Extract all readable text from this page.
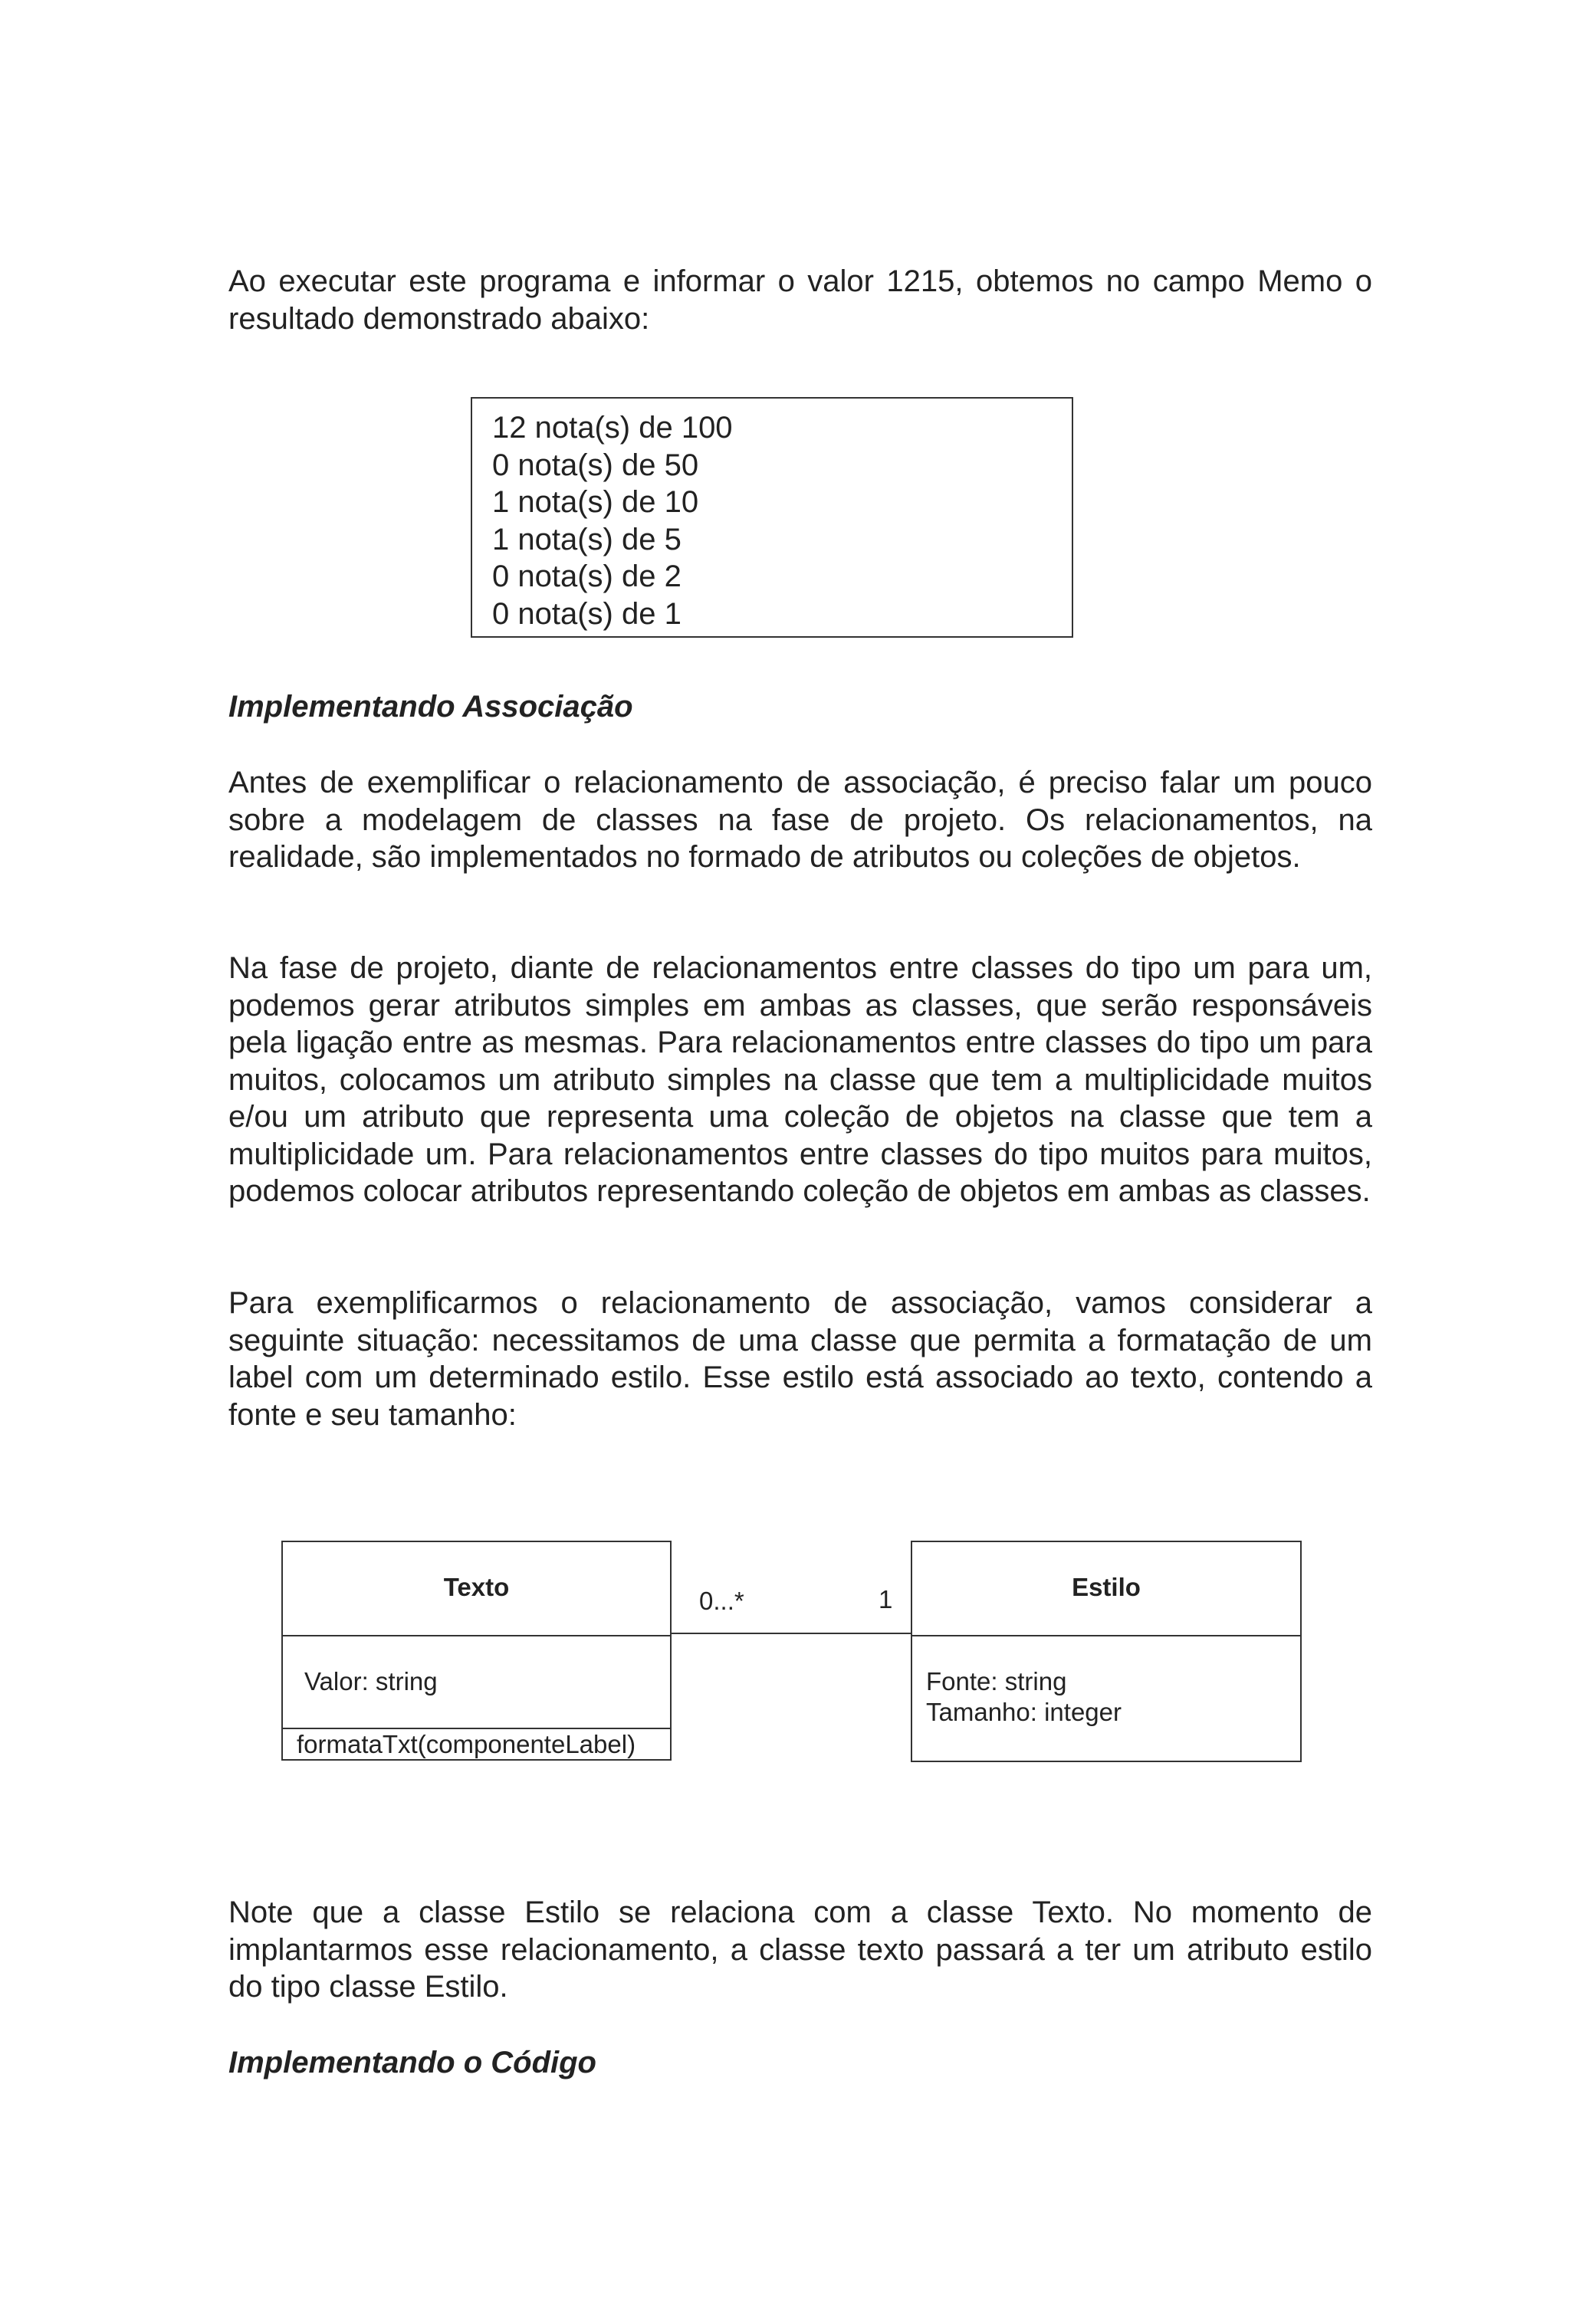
Ao executar este programa e informar o valor 1215, obtemos no campo Memo o resultado demonstrado abaixo:

12 nota(s) de 100
0 nota(s) de 50
1 nota(s) de 10
1 nota(s) de 5
0 nota(s) de 2
0 nota(s) de 1
Implementando Associação

Antes de exemplificar o relacionamento de associação, é preciso falar um pouco sobre a modelagem de classes na fase de projeto. Os relacionamentos, na realidade, são implementados no formado de atributos ou coleções de objetos.

Na fase de projeto, diante de relacionamentos entre classes do tipo um para um, podemos gerar atributos simples em ambas as classes, que serão responsáveis pela ligação entre as mesmas. Para relacionamentos entre classes do tipo um para muitos, colocamos um atributo simples na classe que tem a multiplicidade muitos e/ou um atributo que representa uma coleção de objetos na classe que tem a multiplicidade um. Para relacionamentos entre classes do tipo muitos para muitos, podemos colocar atributos representando coleção de objetos em ambas as classes.

Para exemplificarmos o relacionamento de associação, vamos considerar a seguinte situação: necessitamos de uma classe que permita a formatação de um label com um determinado estilo. Esse estilo está associado ao texto, contendo a fonte e seu tamanho:

Texto

Valor: string

formataTxt(componenteLabel)

0...*	1	Estilo

Fonte: string

Tamanho: integer

Note que a classe Estilo se relaciona com a classe Texto. No momento de implantarmos esse relacionamento, a classe texto passará a ter um atributo estilo do tipo classe Estilo.

Implementando o Código
